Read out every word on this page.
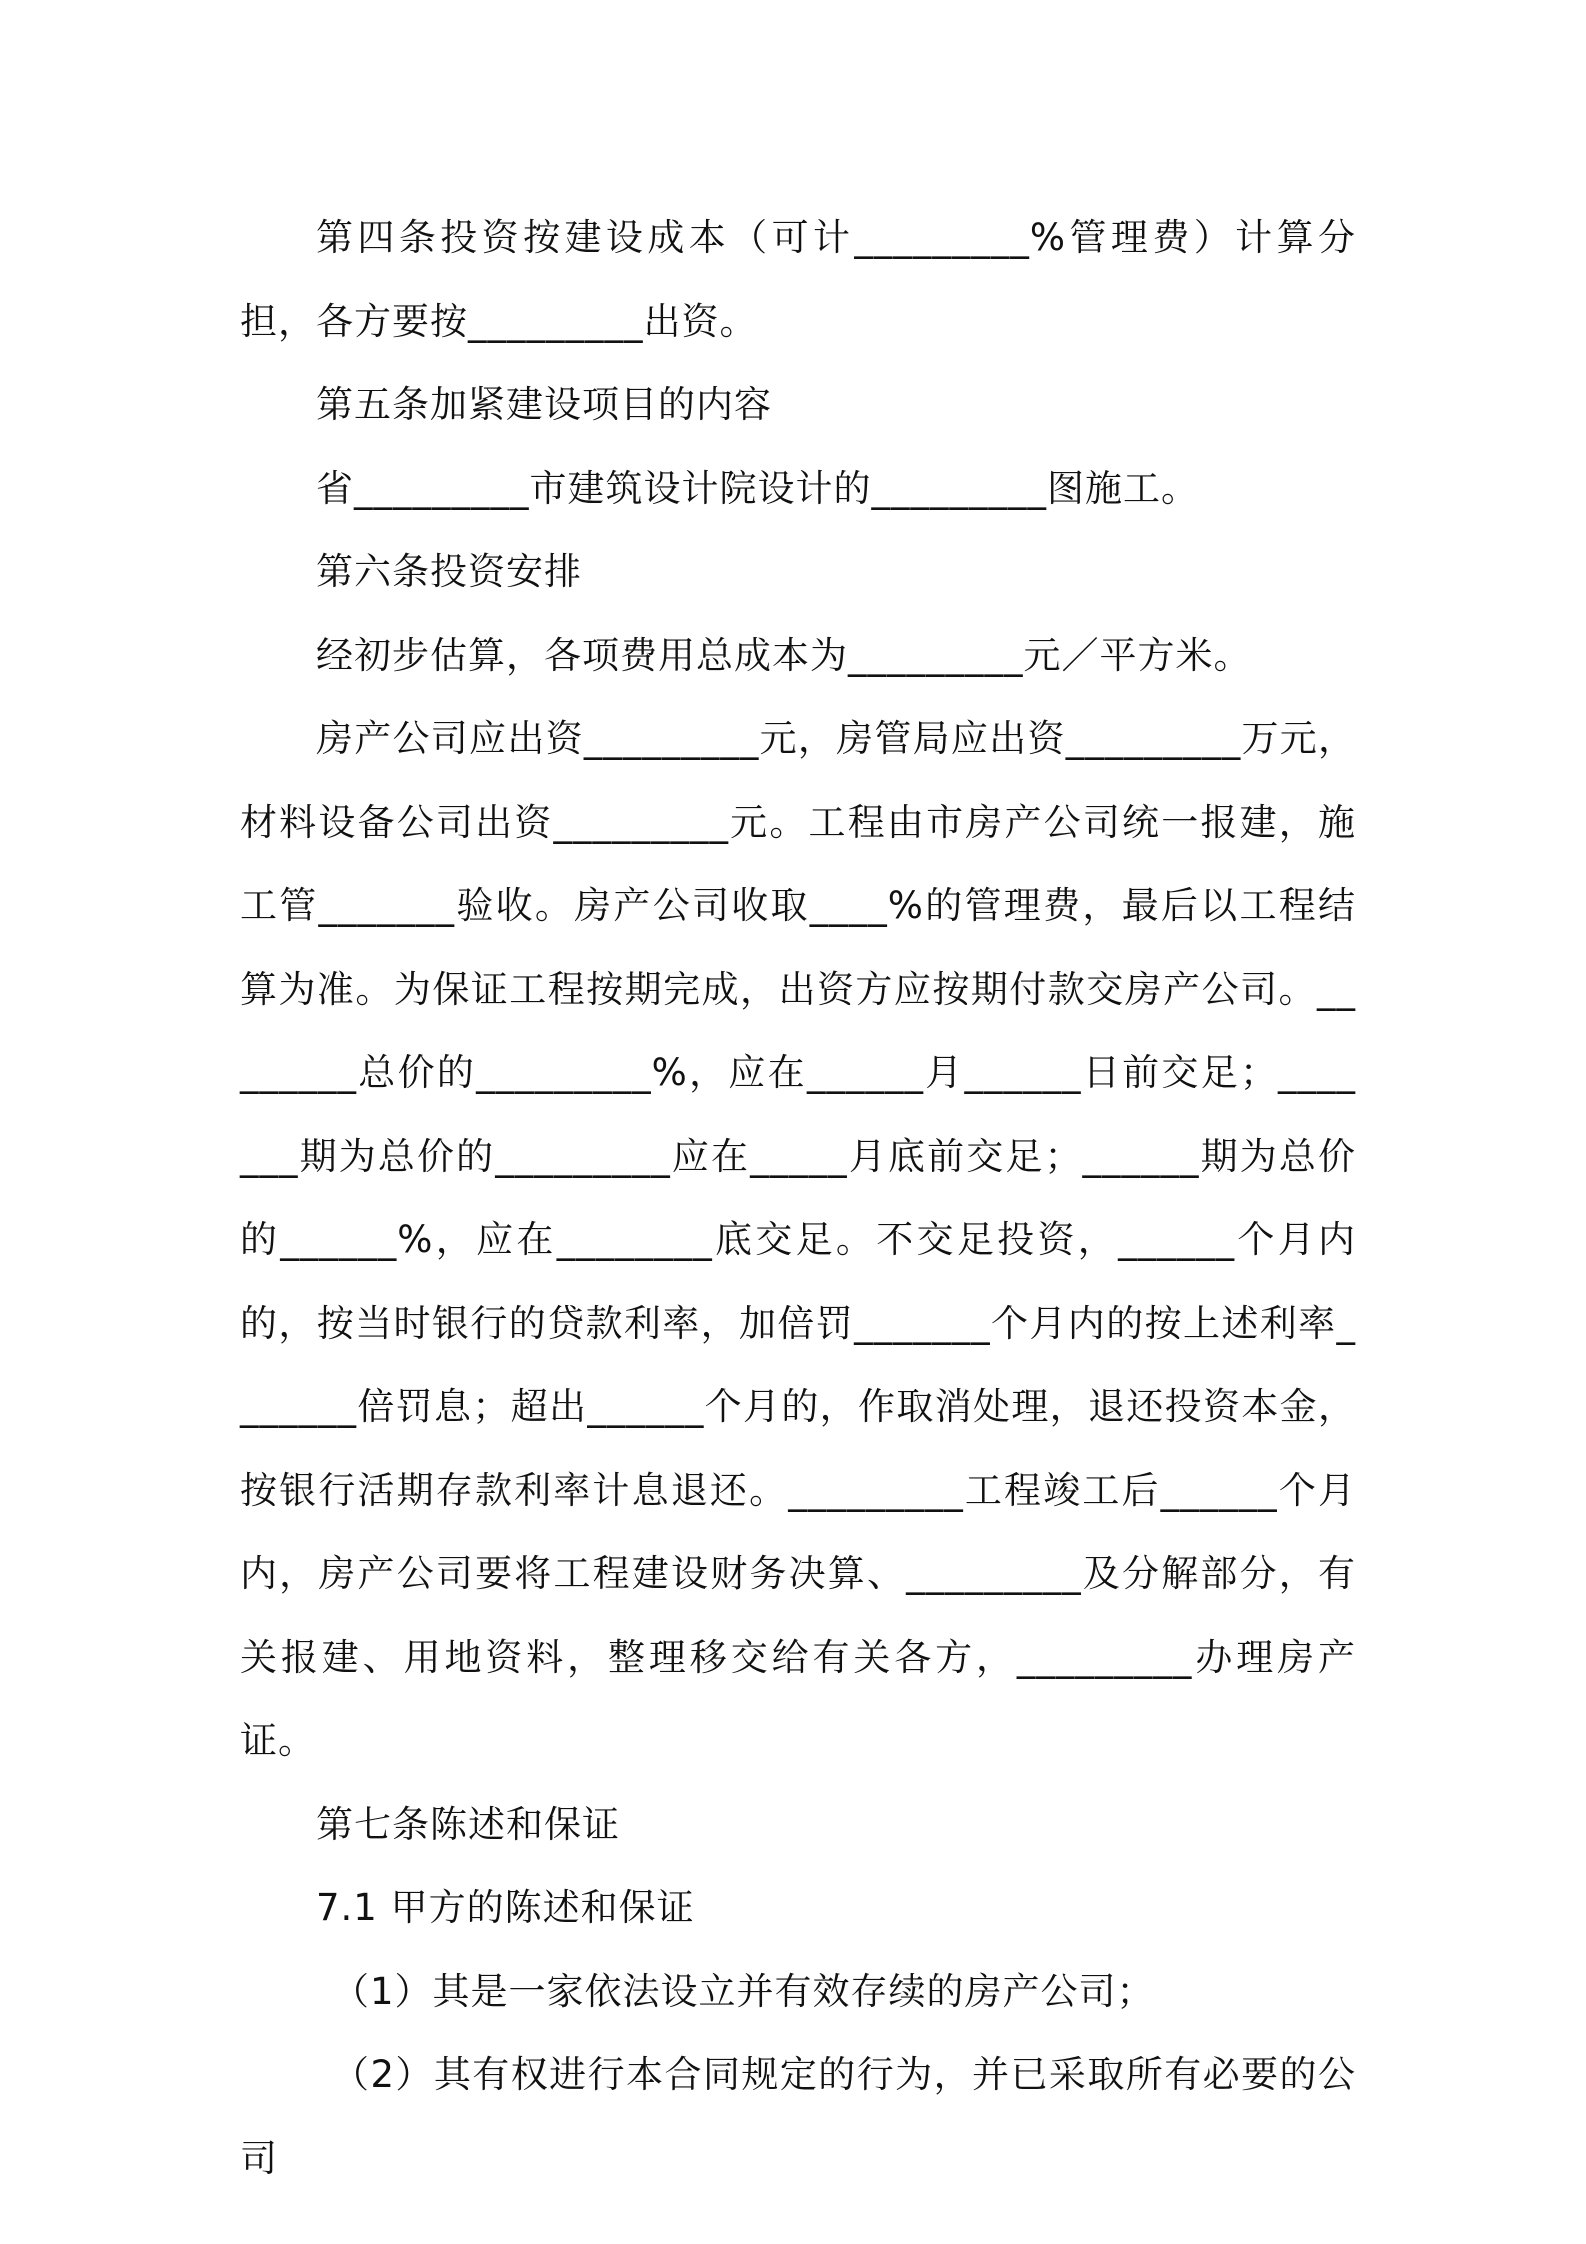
第四条投资按建设成本（可计_________%管理费）计算分担，各方要按_________出资。

第五条加紧建设项目的内容

省_________市建筑设计院设计的_________图施工。

第六条投资安排

经初步估算，各项费用总成本为_________元／平方米。

房产公司应出资_________元，房管局应出资_________万元，材料设备公司出资_________元。工程由市房产公司统一报建，施工管_______验收。房产公司收取____%的管理费，最后以工程结算为准。为保证工程按期完成，出资方应按期付款交房产公司。________总价的_________%，应在______月______日前交足；_______期为总价的_________应在_____月底前交足；______期为总价的______%，应在________底交足。不交足投资，______个月内的，按当时银行的贷款利率，加倍罚_______个月内的按上述利率_______倍罚息；超出______个月的，作取消处理，退还投资本金，按银行活期存款利率计息退还。_________工程竣工后______个月内，房产公司要将工程建设财务决算、_________及分解部分，有关报建、用地资料，整理移交给有关各方，_________办理房产证。

第七条陈述和保证

7.1 甲方的陈述和保证

（1）其是一家依法设立并有效存续的房产公司；

（2）其有权进行本合同规定的行为，并已采取所有必要的公司
